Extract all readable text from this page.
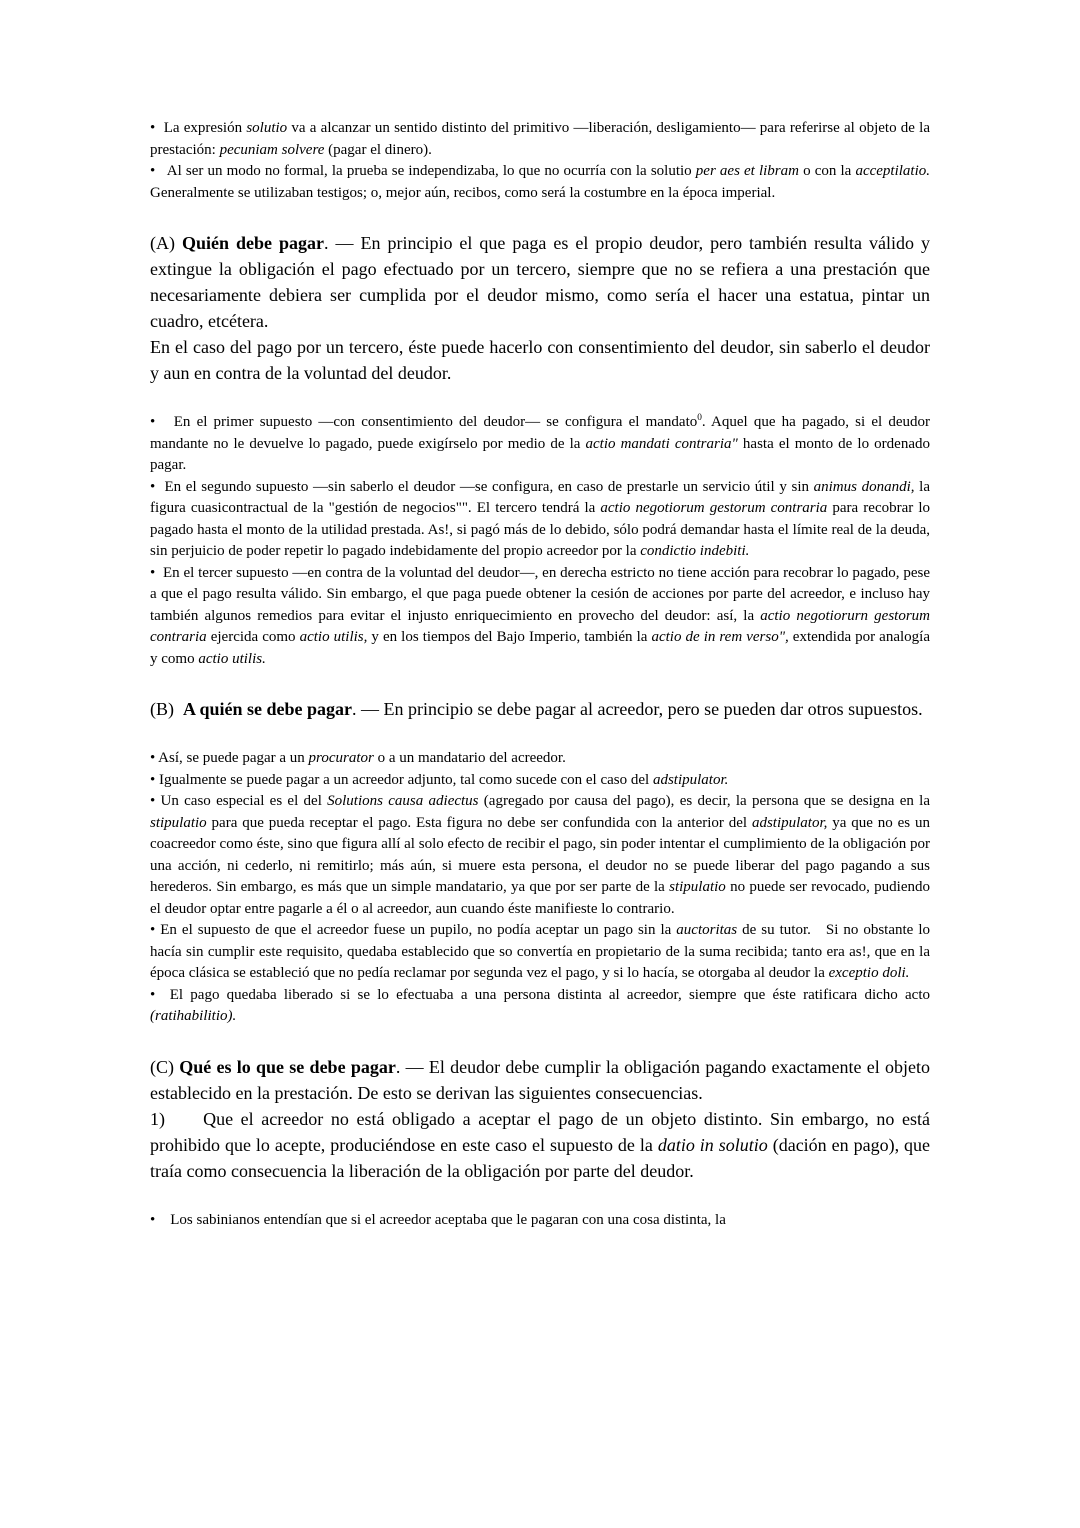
•  La expresión solutio va a alcanzar un sentido distinto del primitivo —liberación, desligamiento— para referirse al objeto de la prestación: pecuniam solvere (pagar el dinero).

•   Al ser un modo no formal, la prueba se independizaba, lo que no ocurría con la solutio per aes et libram o con la acceptilatio. Generalmente se utilizaban testigos; o, mejor aún, recibos, como será la costumbre en la época imperial.

(A) Quién debe pagar. — En principio el que paga es el propio deudor, pero también resulta válido y extingue la obligación el pago efectuado por un tercero, siempre que no se refiera a una prestación que necesariamente debiera ser cumplida por el deudor mismo, como sería el hacer una estatua, pintar un cuadro, etcétera.

En el caso del pago por un tercero, éste puede hacerlo con consentimiento del deudor, sin saberlo el deudor y aun en contra de la voluntad del deudor.

•   En el primer supuesto —con consentimiento del deudor— se configura el mandato$^0$. Aquel que ha pagado, si el deudor mandante no le devuelve lo pagado, puede exigírselo por medio de la actio mandati contraria" hasta el monto de lo ordenado pagar.

•  En el segundo supuesto —sin saberlo el deudor —se configura, en caso de prestarle un servicio útil y sin animus donandi, la figura cuasicontractual de la "gestión de negocios"". El tercero tendrá la actio negotiorum gestorum contraria para recobrar lo pagado hasta el monto de la utilidad prestada. As!, si pagó más de lo debido, sólo podrá demandar hasta el límite real de la deuda, sin perjuicio de poder repetir lo pagado indebidamente del propio acreedor por la condictio indebiti.

•  En el tercer supuesto —en contra de la voluntad del deudor—, en derecha estricto no tiene acción para recobrar lo pagado, pese a que el pago resulta válido. Sin embargo, el que paga puede obtener la cesión de acciones por parte del acreedor, e incluso hay también algunos remedios para evitar el injusto enriquecimiento en provecho del deudor: así, la actio negotiorurn gestorum contraria ejercida como actio utilis, y en los tiempos del Bajo Imperio, también la actio de in rem verso", extendida por analogía y como actio utilis.

(B)  A quién se debe pagar. — En principio se debe pagar al acreedor, pero se pueden dar otros supuestos.

• Así, se puede pagar a un procurator o a un mandatario del acreedor.

• Igualmente se puede pagar a un acreedor adjunto, tal como sucede con el caso del adstipulator.

• Un caso especial es el del Solutions causa adiectus (agregado por causa del pago), es decir, la persona que se designa en la stipulatio para que pueda receptar el pago. Esta figura no debe ser confundida con la anterior del adstipulator, ya que no es un coacreedor como éste, sino que figura allí al solo efecto de recibir el pago, sin poder intentar el cumplimiento de la obligación por una acción, ni cederlo, ni remitirlo; más aún, si muere esta persona, el deudor no se puede liberar del pago pagando a sus herederos. Sin embargo, es más que un simple mandatario, ya que por ser parte de la stipulatio no puede ser revocado, pudiendo el deudor optar entre pagarle a él o al acreedor, aun cuando éste manifieste lo contrario.

• En el supuesto de que el acreedor fuese un pupilo, no podía aceptar un pago sin la auctoritas de su tutor.   Si no obstante lo hacía sin cumplir este requisito, quedaba establecido que so convertía en propietario de la suma recibida; tanto era as!, que en la época clásica se estableció que no pedía reclamar por segunda vez el pago, y si lo hacía, se otorgaba al deudor la exceptio doli.

•  El pago quedaba liberado si se lo efectuaba a una persona distinta al acreedor, siempre que éste ratificara dicho acto (ratihabilitio).

(C) Qué es lo que se debe pagar. — El deudor debe cumplir la obligación pagando exactamente el objeto establecido en la prestación. De esto se derivan las siguientes consecuencias.

1)     Que el acreedor no está obligado a aceptar el pago de un objeto distinto. Sin embargo, no está prohibido que lo acepte, produciéndose en este caso el supuesto de la datio in solutio (dación en pago), que traía como consecuencia la liberación de la obligación por parte del deudor.

•    Los sabinianos entendían que si el acreedor aceptaba que le pagaran con una cosa distinta, la
